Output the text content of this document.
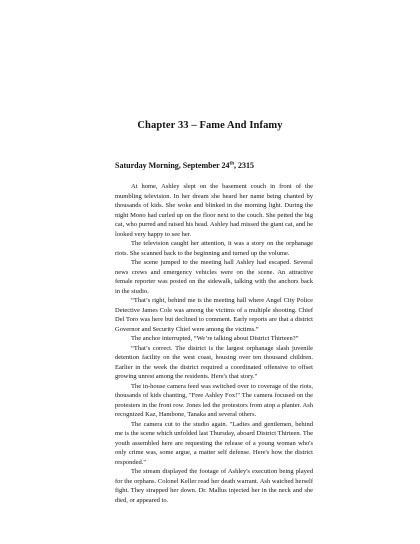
Chapter 33 – Fame And Infamy
Saturday Morning, September 24th, 2315

At home, Ashley slept on the basement couch in front of the mumbling television. In her dream she heard her name being chanted by thousands of kids. She woke and blinked in the morning light. During the night Mono had curled up on the floor next to the couch. She petted the big cat, who purred and raised his head. Ashley had missed the giant cat, and he looked very happy to see her.

The television caught her attention, it was a story on the orphanage riots. She scanned back to the beginning and turned up the volume.

The scene jumped to the meeting hall Ashley had escaped. Several news crews and emergency vehicles were on the scene. An attractive female reporter was posted on the sidewalk, talking with the anchors back in the studio.

“That’s right, behind me is the meeting hall where Angel City Police Detective James Cole was among the victims of a multiple shooting. Chief Del Toro was here but declined to comment. Early reports are that a district Governor and Security Chief were among the victims.”

The anchor interrupted, “We’re talking about District Thirteen?”

“That’s correct. The district is the largest orphanage slash juvenile detention facility on the west coast, housing over ten thousand children. Earlier in the week the district required a coordinated offensive to offset growing unrest among the residents. Here's that story."

The in-house camera feed was switched over to coverage of the riots, thousands of kids chanting, "Free Ashley Fox!" The camera focused on the protesters in the front row. Jones led the protestors from atop a planter. Ash recognized Kaz, Hambone, Tanaka and several others.

The camera cut to the studio again. "Ladies and gentlemen, behind me is the scene which unfolded last Thursday, aboard District Thirteen. The youth assembled here are requesting the release of a young woman who's only crime was, some argue, a matter self defense. Here's how the district responded."

The stream displayed the footage of Ashley's execution being played for the orphans. Colonel Keller read her death warrant. Ash watched herself fight. They strapped her down. Dr. Mallus injected her in the neck and she died, or appeared to.
